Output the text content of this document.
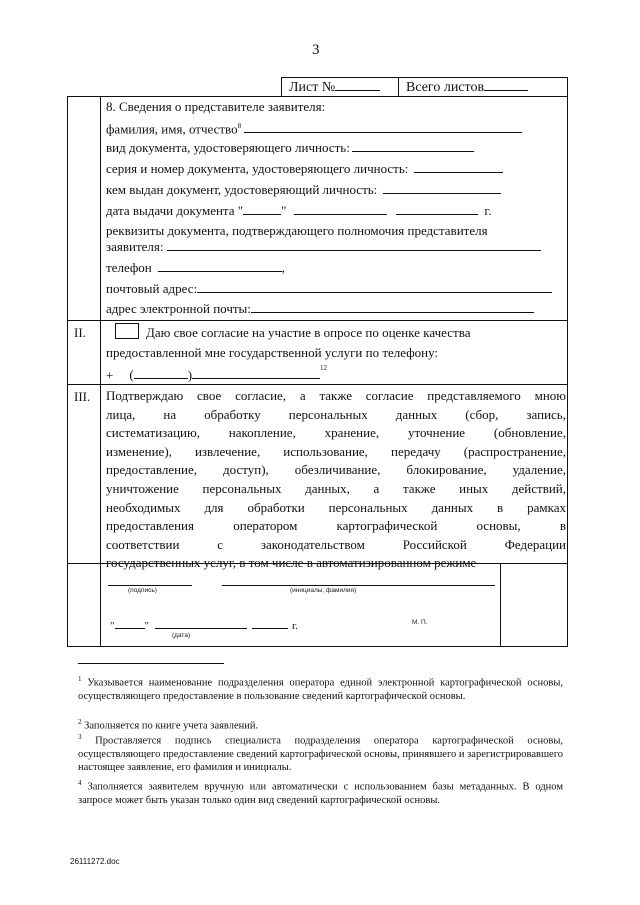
3
Лист №	Всего листов
8. Сведения о представителе заявителя:
фамилия, имя, отчество$^8$
вид документа, удостоверяющего личность:
серия и номер документа, удостоверяющего личность:
кем выдан документ, удостоверяющий личность:
дата выдачи документа "	"	г.
реквизиты документа, подтверждающего полномочия представителя
заявителя:
телефон	,
почтовый адрес:
адрес электронной почты:
II.	Даю свое согласие на участие в опросе по оценке качества
предоставленной мне государственной услуги по телефону:
+ (	)	$^{12}$
III. Подтверждаю свое согласие, а также согласие представляемого мною
лица, на обработку персональных данных (сбор, запись,
систематизацию, накопление, хранение, уточнение (обновление,
изменение), извлечение, использование, передачу (распространение,
предоставление, доступ), обезличивание, блокирование, удаление,
уничтожение персональных данных, а также иных действий,
необходимых для обработки персональных данных в рамках
предоставления оператором картографической основы, в
соответствии с законодательством Российской Федерации
государственных услуг, в том числе в автоматизированном режиме
(подпись)	(инициалы, фамилия)
"	"	г.
(дата)
М. П.
$^1$ Указывается наименование подразделения оператора единой электронной картографической основы, осуществляющего предоставление в пользование сведений картографической основы.
$^2$ Заполняется по книге учета заявлений.
$^3$ Проставляется подпись специалиста подразделения оператора картографической основы, осуществляющего предоставление сведений картографической основы, принявшего и зарегистрировавшего настоящее заявление, его фамилия и инициалы.
$^4$ Заполняется заявителем вручную или автоматически с использованием базы метаданных. В одном запросе может быть указан только один вид сведений картографической основы.
26111272.doc
